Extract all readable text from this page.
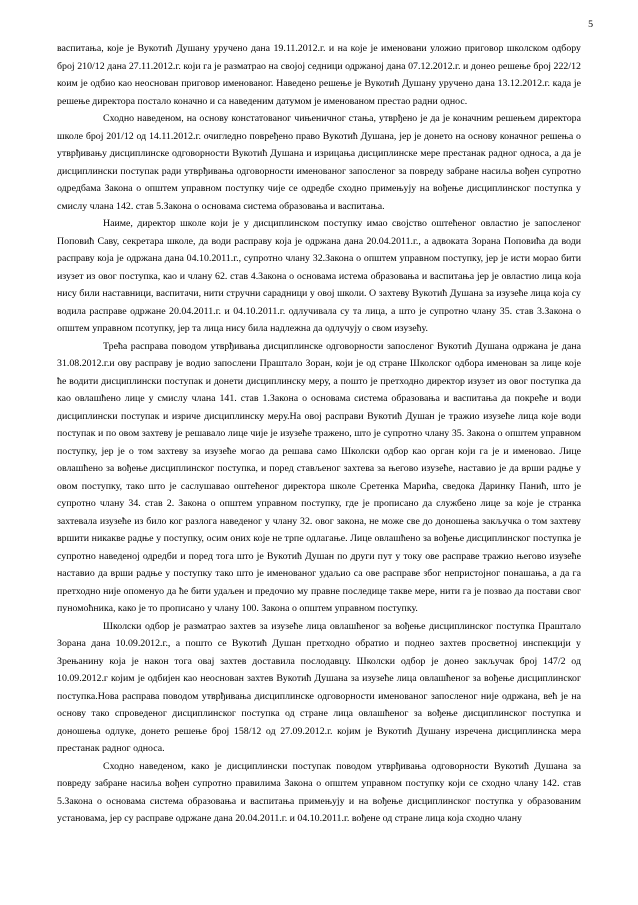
5

васпитања, које је Вукотић Душану уручено дана 19.11.2012.г. и на које је именовани уложио приговор школском одбору број 210/12 дана 27.11.2012.г. који га је разматрао на својој седници одржаној дана 07.12.2012.г. и донео решење број 222/12 коим је одбио као неоснован приговор именованог. Наведено решење је Вукотић Душану уручено дана 13.12.2012.г. када је решење директора постало коначно и са наведеним датумом је именованом престао радни однос.

Сходно наведеном, на основу констатованог чињеничног стања, утврђено је да је коначним решењем директора школе број 201/12 од 14.11.2012.г. очигледно повређено право Вукотић Душана, јер је донето на основу коначног решења о утврђивању дисциплинске одговорности Вукотић Душана и изрицања дисциплинске мере престанак радног односа, а да је дисциплински поступак ради утврђивања одговорности именованог запосленог за повреду забране насиља вођен супротно одредбама Закона о општем управном поступку чије се одредбе сходно примењују на вођење дисциплинског поступка у смислу члана 142. став 5.Закона о основама система образовања и васпитања.

Наиме, директор школе који је у дисциплинском поступку имао својство оштећеног овластио је запосленог Поповић Саву, секретара школе, да води расправу која је одржана дана 20.04.2011.г., а адвоката Зорана Поповића да води расправу која је одржана дана 04.10.2011.г., супротно члану 32.Закона о општем управном поступку, јер је исти морао бити изузет из овог поступка, као и члану 62. став 4.Закона о основама истема образовања и васпитања јер је овластио лица која нису били наставници, васпитачи, нити стручни сарадници у овој школи. О захтеву Вукотић Душана за изузеће лица која су водила расправе одржане 20.04.2011.г. и 04.10.2011.г. одлучивала су та лица, а што је супротно члану 35. став 3.Закона о општем управном псотупку, јер та лица нису била надлежна да одлучују о свом изузећу.

Трећа расправа поводом утврђивања дисциплинске одговорности запосленог Вукотић Душана одржана је дана 31.08.2012.г.и ову расправу је водио запослени Праштало Зоран, који је од стране Школског одбора именован за лице које ће водити дисциплински поступак и донети дисциплинску меру, а пошто је претходно директор изузет из овог поступка да као овлашћено лице у смислу члана 141. став 1.Закона о основама система образовања и васпитања да покреће и води дисциплински поступак и изриче дисциплинску меру.На овој расправи Вукотић Душан је тражио изузеће лица које води поступак и по овом захтеву је решавало лице чије је изузеће тражено, што је супротно члану 35. Закона о општем управном поступку, јер је о том захтеву за изузеће могао да решава само Школски одбор као орган који га је и именовао. Лице овлашћено за вођење дисциплинског поступка, и поред стављеног захтева за његово изузеће, наставио је да врши радње у овом поступку, тако што је саслушавао оштећеног директора школе Сретенка Марића, сведока Даринку Панић, што је супротно члану 34. став 2. Закона о општем управном поступку, где је прописано да службено лице за које је странка захтевала изузеће из било ког разлога наведеног у члану 32. овог закона, не може све до доношења закључка о том захтеву вршити никакве радње у поступку, осим оних које не трпе одлагање. Лице овлашћено за вођење дисциплинског поступка је супротно наведеној одредби и поред тога што је Вукотић Душан по други пут у току ове расправе тражио његово изузеће наставио да врши радње у поступку тако што је именованог удаљио са ове расправе због непристојног понашања, а да га претходно није опоменуо да ће бити удаљен и предочио му правне последице такве мере, нити га је позвао да постави свог пуномоћника, како је то прописано у члану 100. Закона о општем управном поступку.

Школски одбор је разматрао захтев за изузеће лица овлашћеног за вођење дисциплинског поступка Праштало Зорана дана 10.09.2012.г., а пошто се Вукотић Душан претходно обратио и поднео захтев просветној инспекцији у Зрењанину која је након тога овај захтев доставила послодавцу. Школски одбор је донео закључак број 147/2 од 10.09.2012.г којим је одбијен као неоснован захтев Вукотић Душана за изузеће лица овлашћеног за вођење дисциплинског поступка.Нова расправа поводом утврђивања дисциплинске одговорности именованог запосленог није одржана, већ је на основу тако спроведеног дисциплинског поступка од стране лица овлашћеног за вођење дисциплинског поступка и доношења одлуке, донето решење број 158/12 од 27.09.2012.г. којим је Вукотић Душану изречена дисциплинска мера престанак радног односа.

Сходно наведеном, како је дисциплински поступак поводом утврђивања одговорности Вукотић Душана за повреду забране насиља вођен супротно правилима Закона о општем управном поступку који се сходно члану 142. став 5.Закона о основама система образовања и васпитања примењују и на вођење дисциплинског поступка у образованим установама, јер су расправе одржане дана 20.04.2011.г. и 04.10.2011.г. вођене од стране лица која сходно члану
